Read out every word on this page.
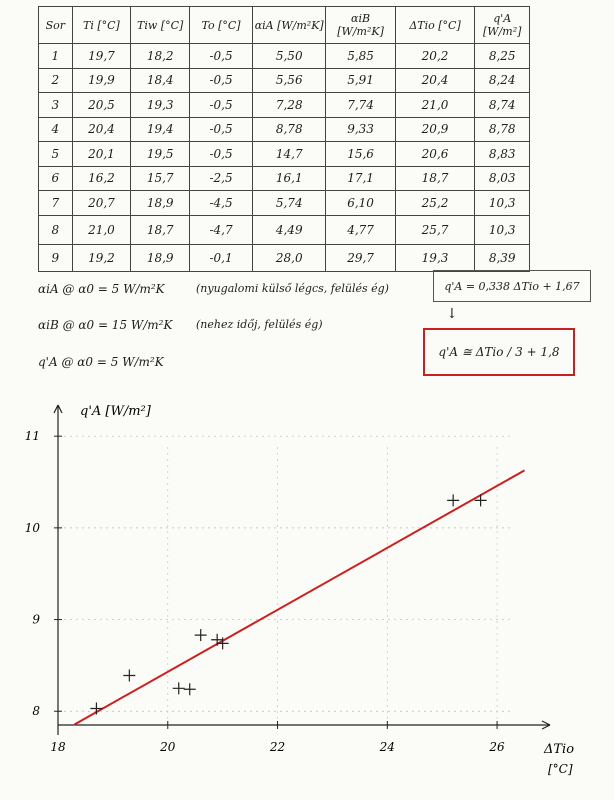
Sor	Ti [°C]	Tiw [°C]	To [°C]	αiA [W/m²K]	αiB [W/m²K]	ΔTio [°C]	q'A [W/m²]
1	19,7	18,2	-0,5	5,50	5,85	20,2	8,25
2	19,9	18,4	-0,5	5,56	5,91	20,4	8,24
3	20,5	19,3	-0,5	7,28	7,74	21,0	8,74
4	20,4	19,4	-0,5	8,78	9,33	20,9	8,78
5	20,1	19,5	-0,5	14,7	15,6	20,6	8,83
6	16,2	15,7	-2,5	16,1	17,1	18,7	8,03
7	20,7	18,9	-4,5	5,74	6,10	25,2	10,3
8	21,0	18,7	-4,7	4,49	4,77	25,7	10,3
9	19,2	18,9	-0,1	28,0	29,7	19,3	8,39
αiA @ α0 = 5 W/m²K	(nyugalomi külső légcs, felülés ég)
αiB @ α0 = 15 W/m²K (nehez időj, felülés ég)
q'A @ α0 = 5 W/m²K
q'A = 0,338 ΔTio + 1,67
↓
q'A ≅ ΔTio / 3 + 1,8
18	20	22	24	26
8
9
10
11
q'A [W/m²]
ΔTio
[°C]
